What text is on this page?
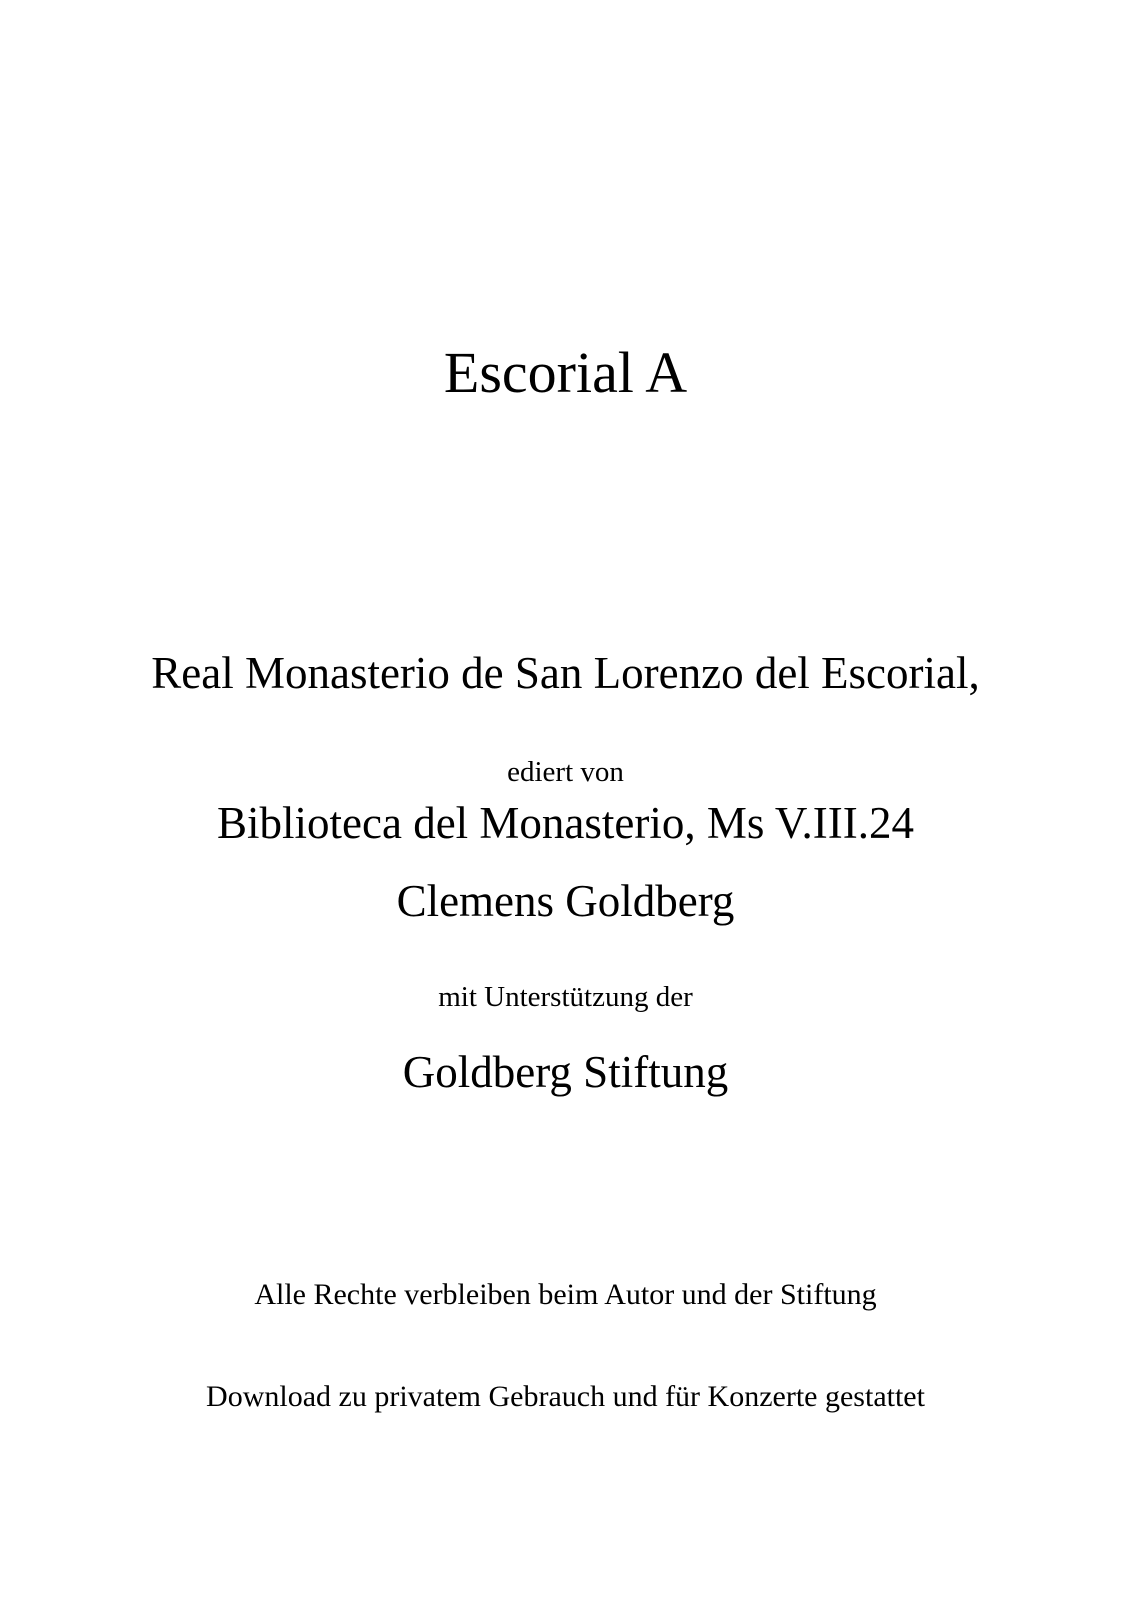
Escorial A

Real Monasterio de San Lorenzo del Escorial,

Biblioteca del Monasterio, Ms V.III.24

ediert von
Clemens Goldberg
mit Unterstützung der
Goldberg Stiftung

Alle Rechte verbleiben beim Autor und der Stiftung

Download zu privatem Gebrauch und für Konzerte gestattet
